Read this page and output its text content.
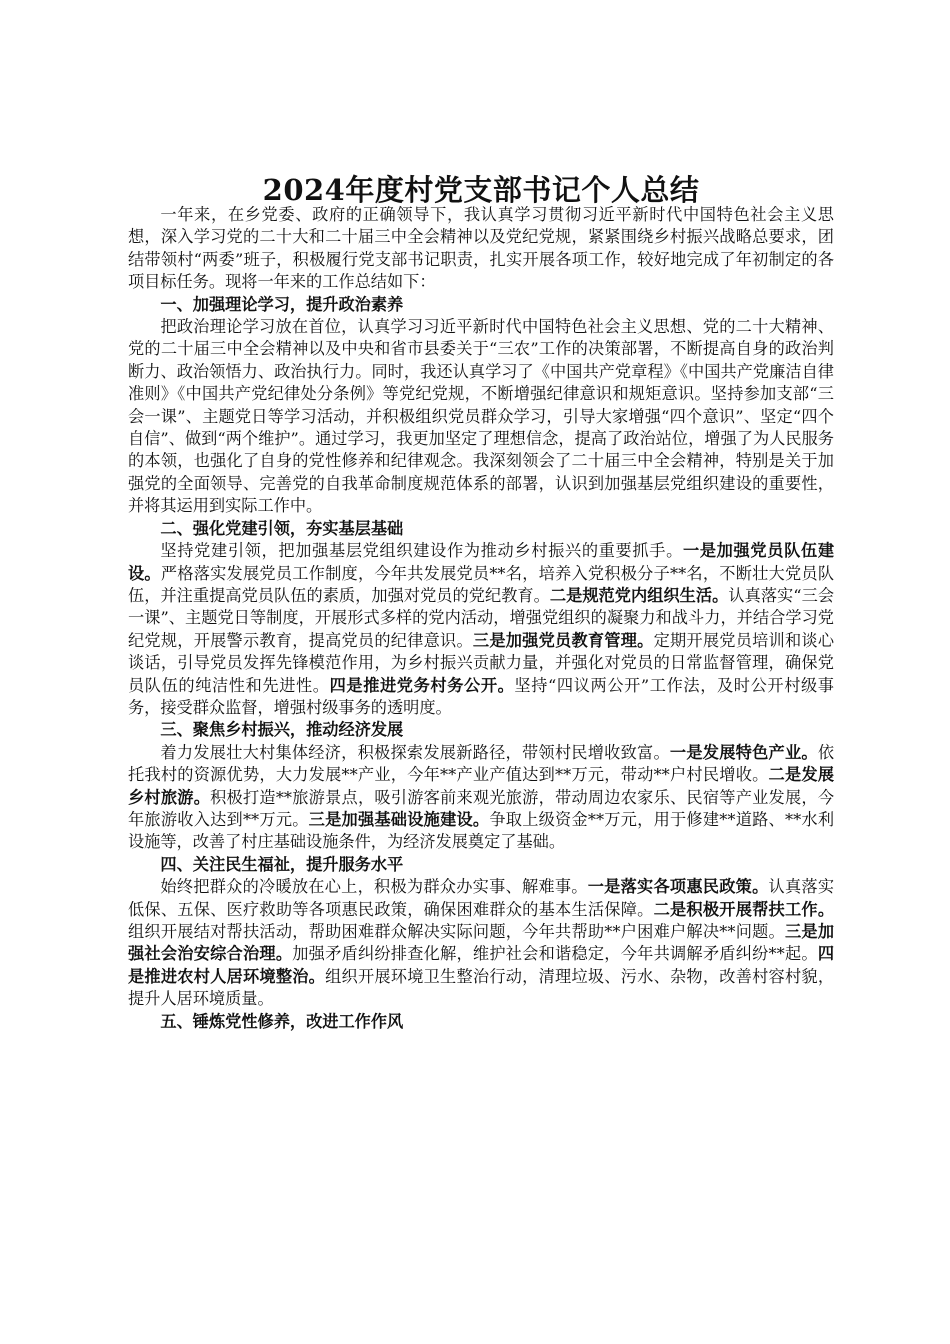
2024年度村党支部书记个人总结

一年来，在乡党委、政府的正确领导下，我认真学习贯彻习近平新时代中国特色社会主义思想，深入学习党的二十大和二十届三中全会精神以及党纪党规，紧紧围绕乡村振兴战略总要求，团结带领村“两委”班子，积极履行党支部书记职责，扎实开展各项工作，较好地完成了年初制定的各项目标任务。现将一年来的工作总结如下：

一、加强理论学习，提升政治素养

把政治理论学习放在首位，认真学习习近平新时代中国特色社会主义思想、党的二十大精神、党的二十届三中全会精神以及中央和省市县委关于“三农”工作的决策部署，不断提高自身的政治判断力、政治领悟力、政治执行力。同时，我还认真学习了《中国共产党章程》《中国共产党廉洁自律准则》《中国共产党纪律处分条例》等党纪党规，不断增强纪律意识和规矩意识。坚持参加支部“三会一课”、主题党日等学习活动，并积极组织党员群众学习，引导大家增强“四个意识”、坚定“四个自信”、做到“两个维护”。通过学习，我更加坚定了理想信念，提高了政治站位，增强了为人民服务的本领，也强化了自身的党性修养和纪律观念。我深刻领会了二十届三中全会精神，特别是关于加强党的全面领导、完善党的自我革命制度规范体系的部署，认识到加强基层党组织建设的重要性，并将其运用到实际工作中。

二、强化党建引领，夯实基层基础

坚持党建引领，把加强基层党组织建设作为推动乡村振兴的重要抓手。一是加强党员队伍建设。严格落实发展党员工作制度，今年共发展党员**名，培养入党积极分子**名，不断壮大党员队伍，并注重提高党员队伍的素质，加强对党员的党纪教育。二是规范党内组织生活。认真落实“三会一课”、主题党日等制度，开展形式多样的党内活动，增强党组织的凝聚力和战斗力，并结合学习党纪党规，开展警示教育，提高党员的纪律意识。三是加强党员教育管理。定期开展党员培训和谈心谈话，引导党员发挥先锋模范作用，为乡村振兴贡献力量，并强化对党员的日常监督管理，确保党员队伍的纯洁性和先进性。四是推进党务村务公开。坚持“四议两公开”工作法，及时公开村级事务，接受群众监督，增强村级事务的透明度。

三、聚焦乡村振兴，推动经济发展

着力发展壮大村集体经济，积极探索发展新路径，带领村民增收致富。一是发展特色产业。依托我村的资源优势，大力发展**产业，今年**产业产值达到**万元，带动**户村民增收。二是发展乡村旅游。积极打造**旅游景点，吸引游客前来观光旅游，带动周边农家乐、民宿等产业发展，今年旅游收入达到**万元。三是加强基础设施建设。争取上级资金**万元，用于修建**道路、**水利设施等，改善了村庄基础设施条件，为经济发展奠定了基础。

四、关注民生福祉，提升服务水平

始终把群众的冷暖放在心上，积极为群众办实事、解难事。一是落实各项惠民政策。认真落实低保、五保、医疗救助等各项惠民政策，确保困难群众的基本生活保障。二是积极开展帮扶工作。组织开展结对帮扶活动，帮助困难群众解决实际问题，今年共帮助**户困难户解决**问题。三是加强社会治安综合治理。加强矛盾纠纷排查化解，维护社会和谐稳定，今年共调解矛盾纠纷**起。四是推进农村人居环境整治。组织开展环境卫生整治行动，清理垃圾、污水、杂物，改善村容村貌，提升人居环境质量。

五、锤炼党性修养，改进工作作风
